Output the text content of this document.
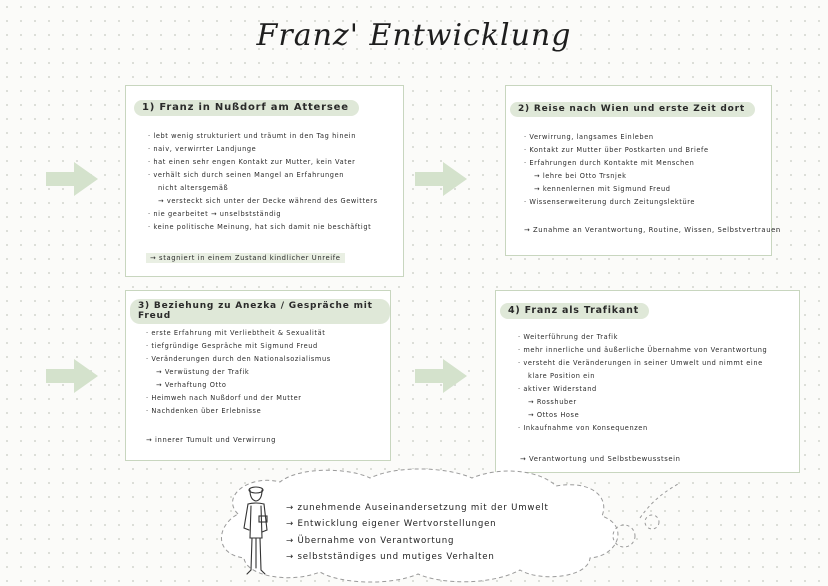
Franz' Entwicklung
1) Franz in Nußdorf am Attersee
· lebt wenig strukturiert und träumt in den Tag hinein
· naiv, verwirrter Landjunge
· hat einen sehr engen Kontakt zur Mutter, kein Vater
· verhält sich durch seinen Mangel an Erfahrungen
nicht altersgemäß
→ versteckt sich unter der Decke während des Gewitters
· nie gearbeitet → unselbstständig
· keine politische Meinung, hat sich damit nie beschäftigt
→ stagniert in einem Zustand kindlicher Unreife
2) Reise nach Wien und erste Zeit dort
· Verwirrung, langsames Einleben
· Kontakt zur Mutter über Postkarten und Briefe
· Erfahrungen durch Kontakte mit Menschen
→ lehre bei Otto Trsnjek
→ kennenlernen mit Sigmund Freud
· Wissenserweiterung durch Zeitungslektüre
→ Zunahme an Verantwortung, Routine, Wissen, Selbstvertrauen
3) Beziehung zu Anezka / Gespräche mit Freud
· erste Erfahrung mit Verliebtheit & Sexualität
· tiefgründige Gespräche mit Sigmund Freud
· Veränderungen durch den Nationalsozialismus
→ Verwüstung der Trafik
→ Verhaftung Otto
· Heimweh nach Nußdorf und der Mutter
· Nachdenken über Erlebnisse
→ innerer Tumult und Verwirrung
4) Franz als Trafikant
· Weiterführung der Trafik
· mehr innerliche und äußerliche Übernahme von Verantwortung
· versteht die Veränderungen in seiner Umwelt und nimmt eine
klare Position ein
· aktiver Widerstand
→ Rosshuber
→ Ottos Hose
· Inkaufnahme von Konsequenzen
→ Verantwortung und Selbstbewusstsein
→ zunehmende Auseinandersetzung mit der Umwelt
→ Entwicklung eigener Wertvorstellungen
→ Übernahme von Verantwortung
→ selbstständiges und mutiges Verhalten
